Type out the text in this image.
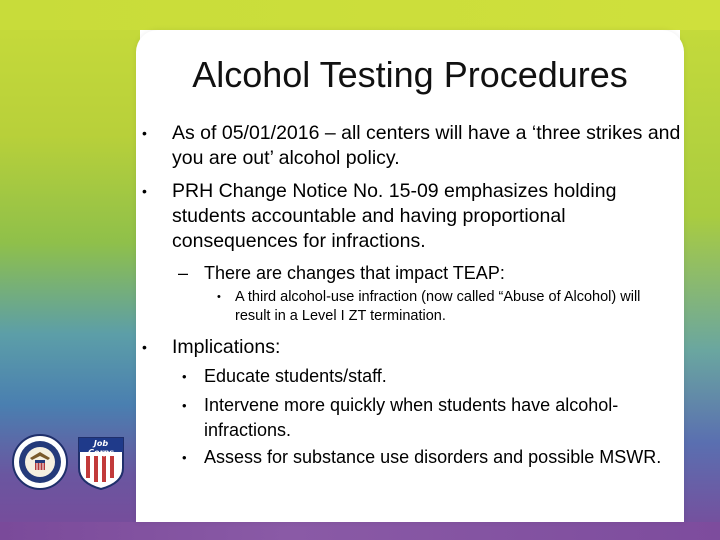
Alcohol Testing Procedures
• As of 05/01/2016 – all centers will have a ‘three strikes and you are out’ alcohol policy.
• PRH Change Notice No. 15-09 emphasizes holding students accountable and having proportional consequences for infractions.
– There are changes that impact TEAP:
• A third alcohol-use infraction (now called “Abuse of Alcohol) will result in a Level I ZT termination.
• Implications:
• Educate students/staff.
• Intervene more quickly when students have alcohol-infractions.
• Assess for substance use disorders and possible MSWR.
Job Corps
